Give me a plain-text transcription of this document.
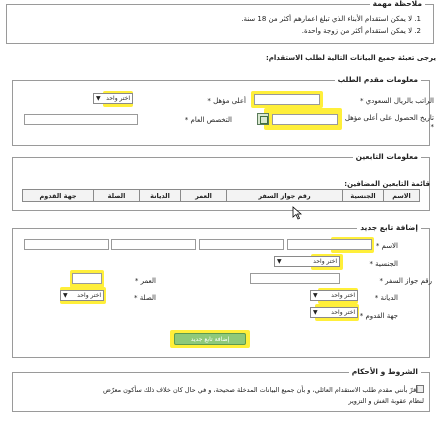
ملاحظة مهمة
1. لا يمكن استقدام الأبناء الذي تبلغ اعمارهم أكثر من 18 سنة.
2. لا يمكن استقدام أكثر من زوجة واحدة.
يرجى تعبئة جميع البيانات التالية لطلب الاستقدام:
معلومات مقدم الطلب
الراتب بالريال السعودي *
أعلى مؤهل *
اختر واحد
▼
تاريخ الحصول على أعلى مؤهل *
التخصص العام *
معلومات التابعين
قائمة التابعين المضافين:
الاسم	الجنسية	رقم جواز السفر	العمر	الديانة	الصلة	جهة القدوم
إضافة تابع جديد
الاسم *
الجنسية *
اختر واحد
▼
رقم جواز السفر *
العمر *
الديانة *
اختر واحد
▼
الصلة *
اختر واحد
▼
جهة القدوم *
اختر واحد
▼
إضافة تابع جديد
الشروط و الأحكام
أقرّ بأنني مقدم طلب الاستقدام العائلي، و بأن جميع البيانات المدخلة صحيحة، و في حال كان خلاف ذلك سأكون معرّض
لنظام عقوبة الغش و التزوير
